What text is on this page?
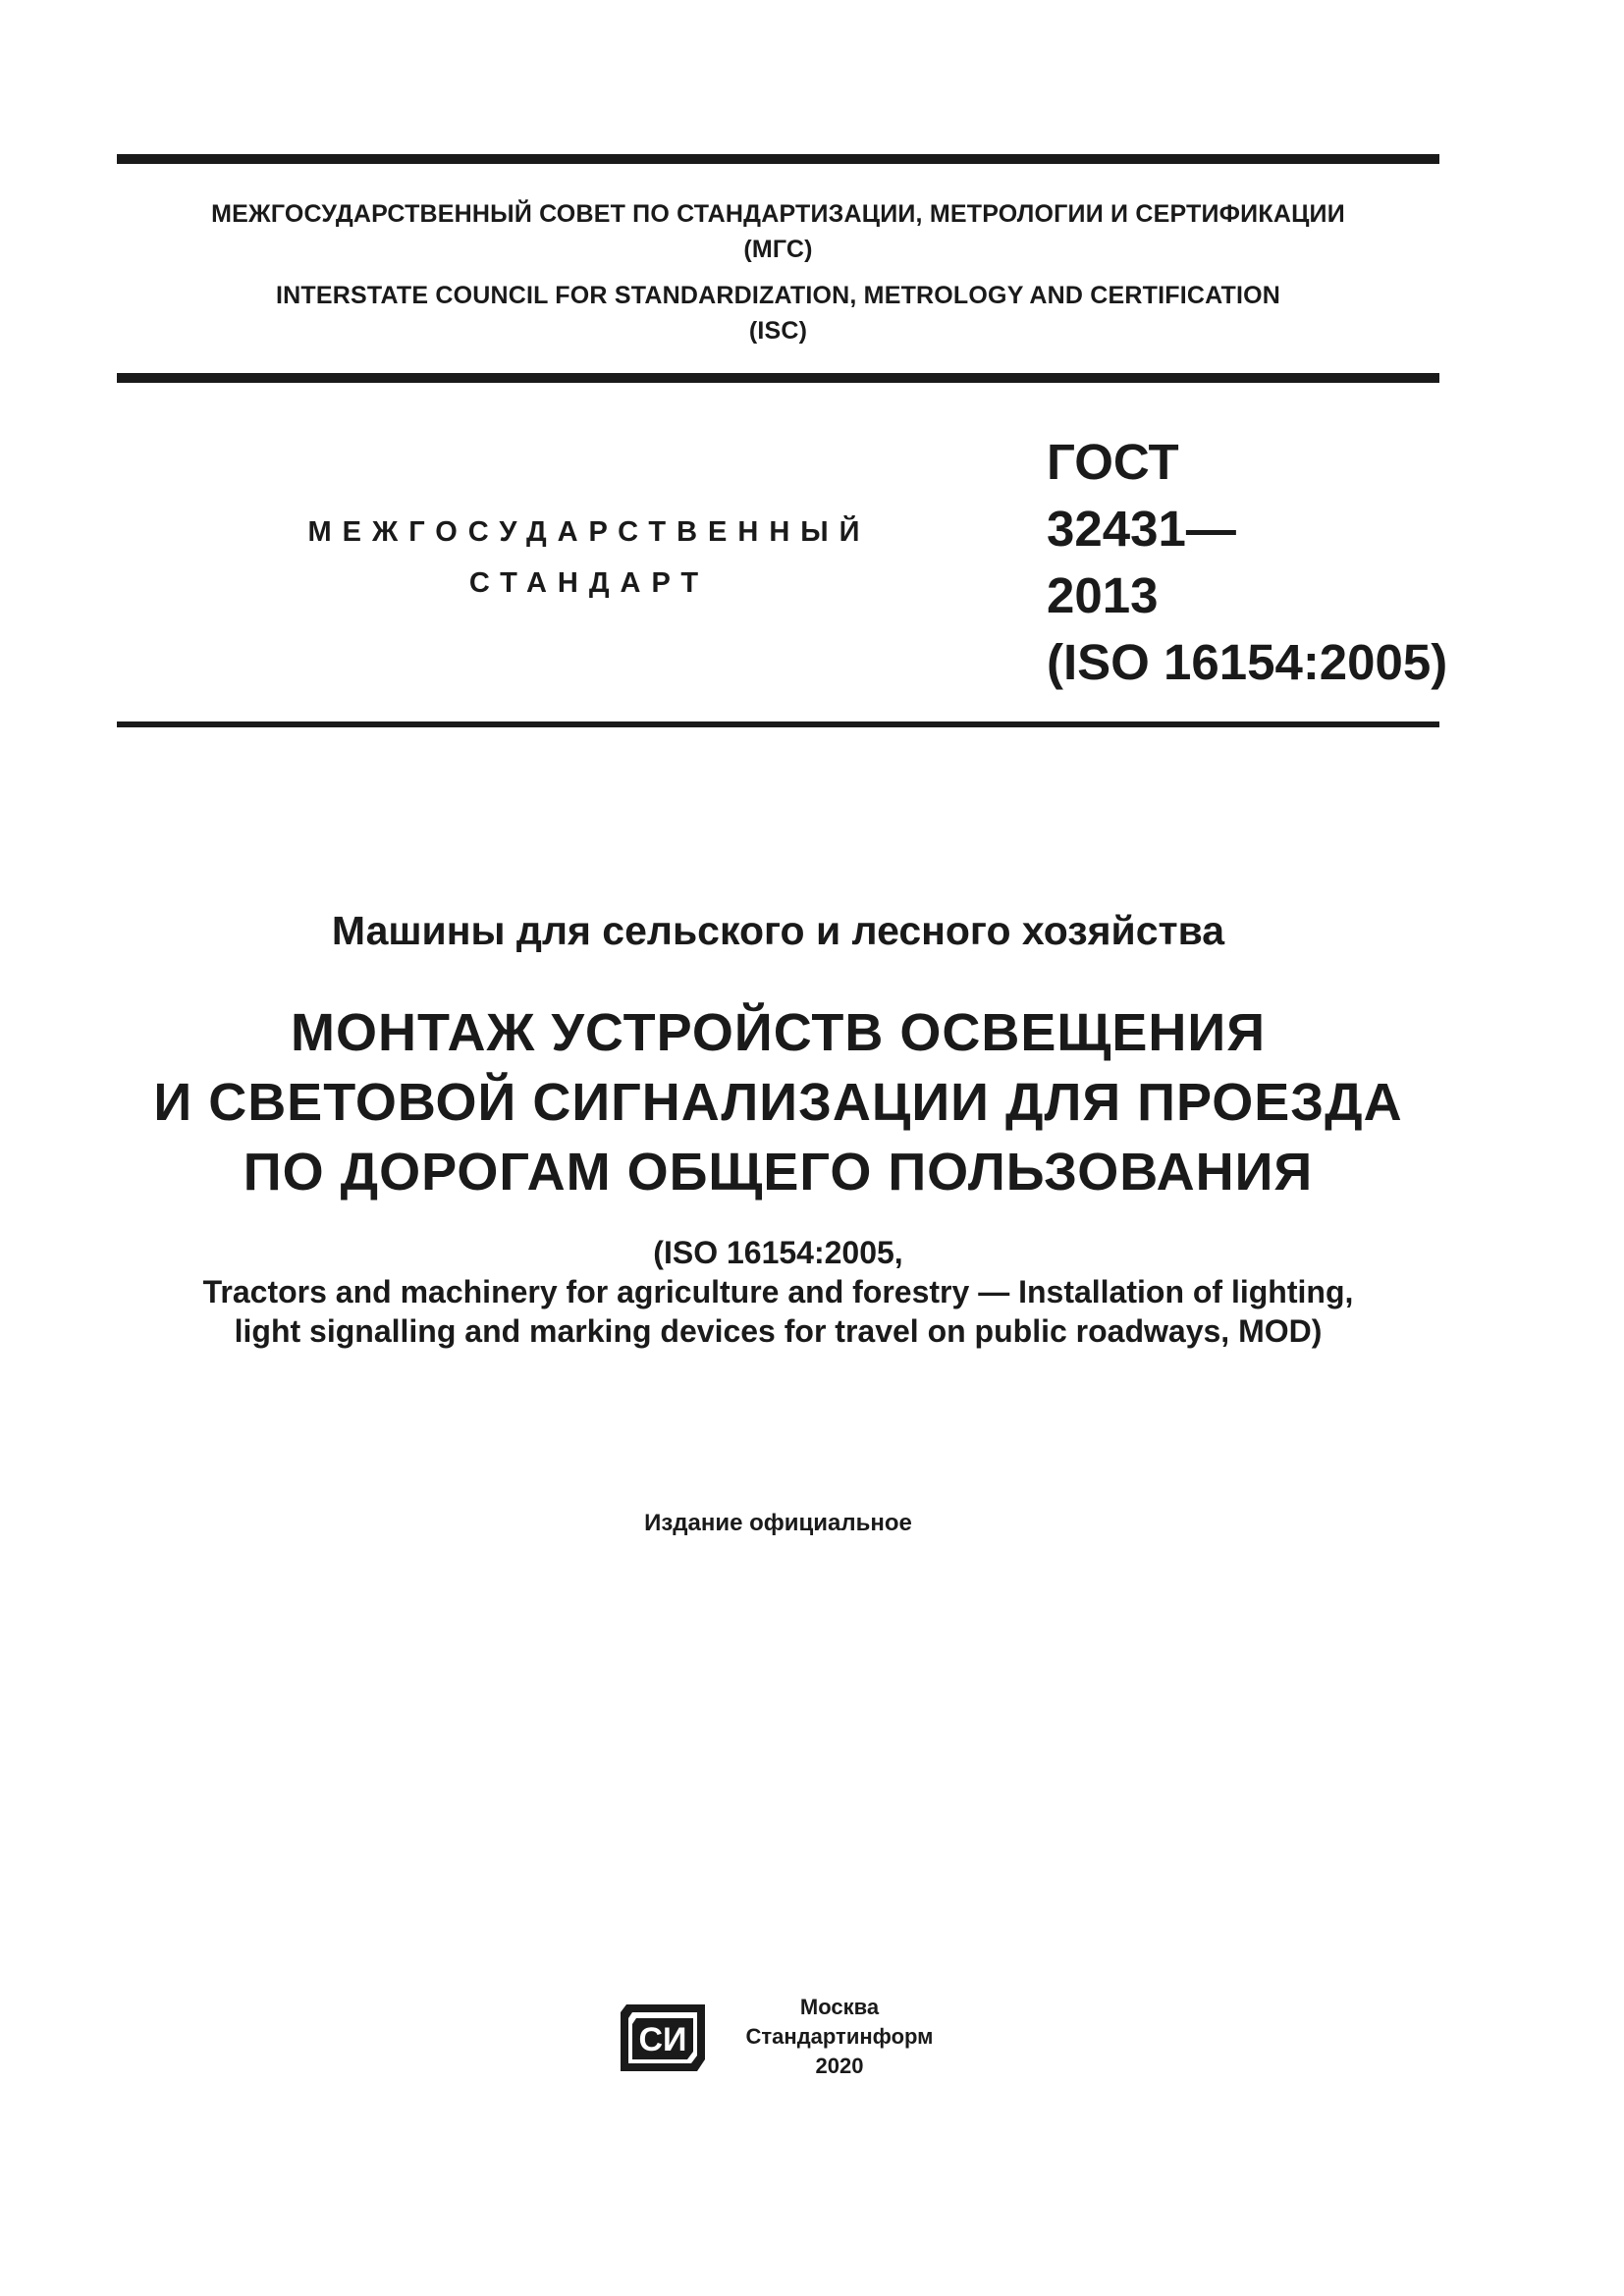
МЕЖГОСУДАРСТВЕННЫЙ СОВЕТ ПО СТАНДАРТИЗАЦИИ, МЕТРОЛОГИИ И СЕРТИФИКАЦИИ
(МГС)
INTERSTATE COUNCIL FOR STANDARDIZATION, METROLOGY AND CERTIFICATION
(ISC)
МЕЖГОСУДАРСТВЕННЫЙ
СТАНДАРТ
ГОСТ
32431—
2013
(ISO 16154:2005)
Машины для сельского и лесного хозяйства
МОНТАЖ УСТРОЙСТВ ОСВЕЩЕНИЯ
И СВЕТОВОЙ СИГНАЛИЗАЦИИ ДЛЯ ПРОЕЗДА
ПО ДОРОГАМ ОБЩЕГО ПОЛЬЗОВАНИЯ
(ISO 16154:2005,
Tractors and machinery for agriculture and forestry — Installation of lighting,
light signalling and marking devices for travel on public roadways, MOD)
Издание официальное
СИ
Москва
Стандартинформ
2020
